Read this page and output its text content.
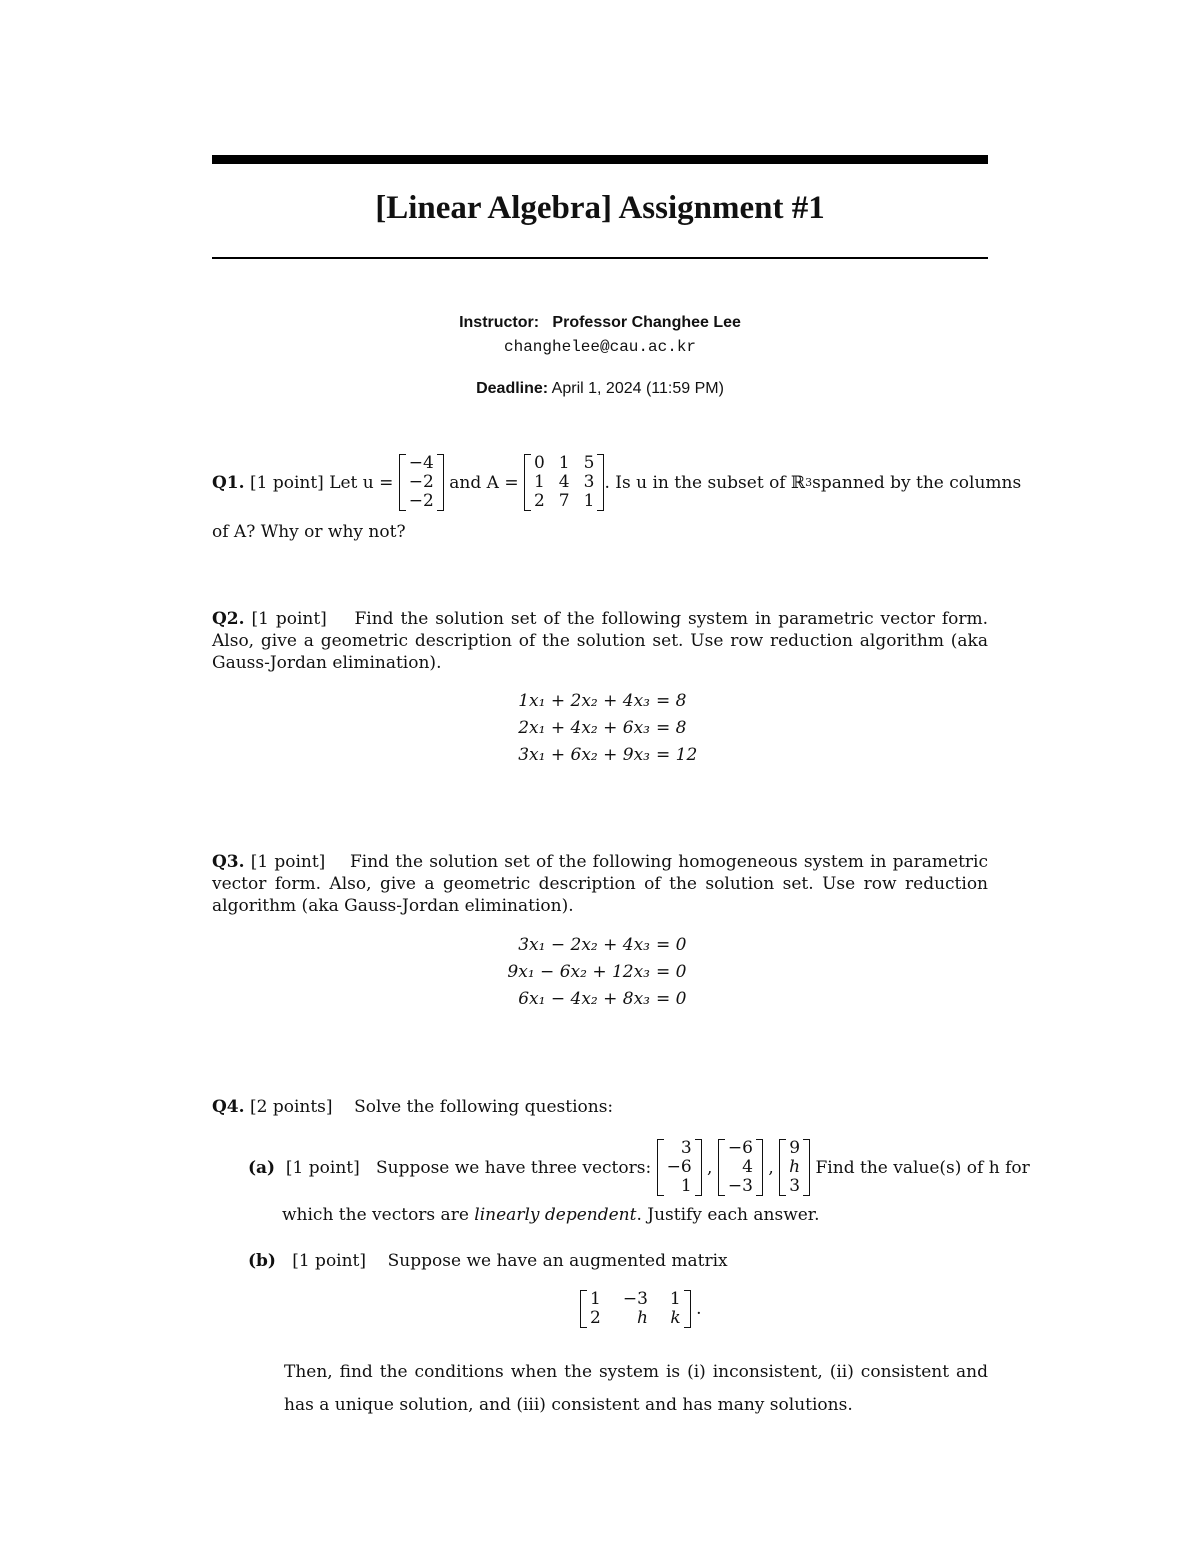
[Linear Algebra] Assignment #1
Instructor: Professor Changhee Lee
changhelee@cau.ac.kr
Deadline: April 1, 2024 (11:59 PM)
Q1.
[1 point]
Let u =

−4
−2
−2

and A =

0
1
2
1
4
7
5
3
1
. Is u in the subset of ℝ 3 spanned by the columns
of A? Why or why not?
Q2. [1 point] Find the solution set of the following system in parametric vector form. Also, give a geometric description of the solution set. Use row reduction algorithm (aka Gauss-Jordan elimination).
1x₁ + 2x₂ + 4x₃ = 8
2x₁ + 4x₂ + 6x₃ = 8
3x₁ + 6x₂ + 9x₃ = 12
Q3. [1 point] Find the solution set of the following homogeneous system in parametric vector form. Also, give a geometric description of the solution set. Use row reduction algorithm (aka Gauss-Jordan elimination).
3x₁ − 2x₂ + 4x₃ = 0
9x₁ − 6x₂ + 12x₃ = 0
6x₁ − 4x₂ + 8x₃ = 0
Q4. [2 points] Solve the following questions:
(a)
[1 point]
Suppose we have three vectors:

3
−6
1
,
−6
4
−3
,
9
h
3

Find the value(s) of h for
which the vectors are linearly dependent. Justify each answer.
(b) [1 point] Suppose we have an augmented matrix
1
2
−3
h
1
k .
Then, find the conditions when the system is (i) inconsistent, (ii) consistent and has a unique solution, and (iii) consistent and has many solutions.
